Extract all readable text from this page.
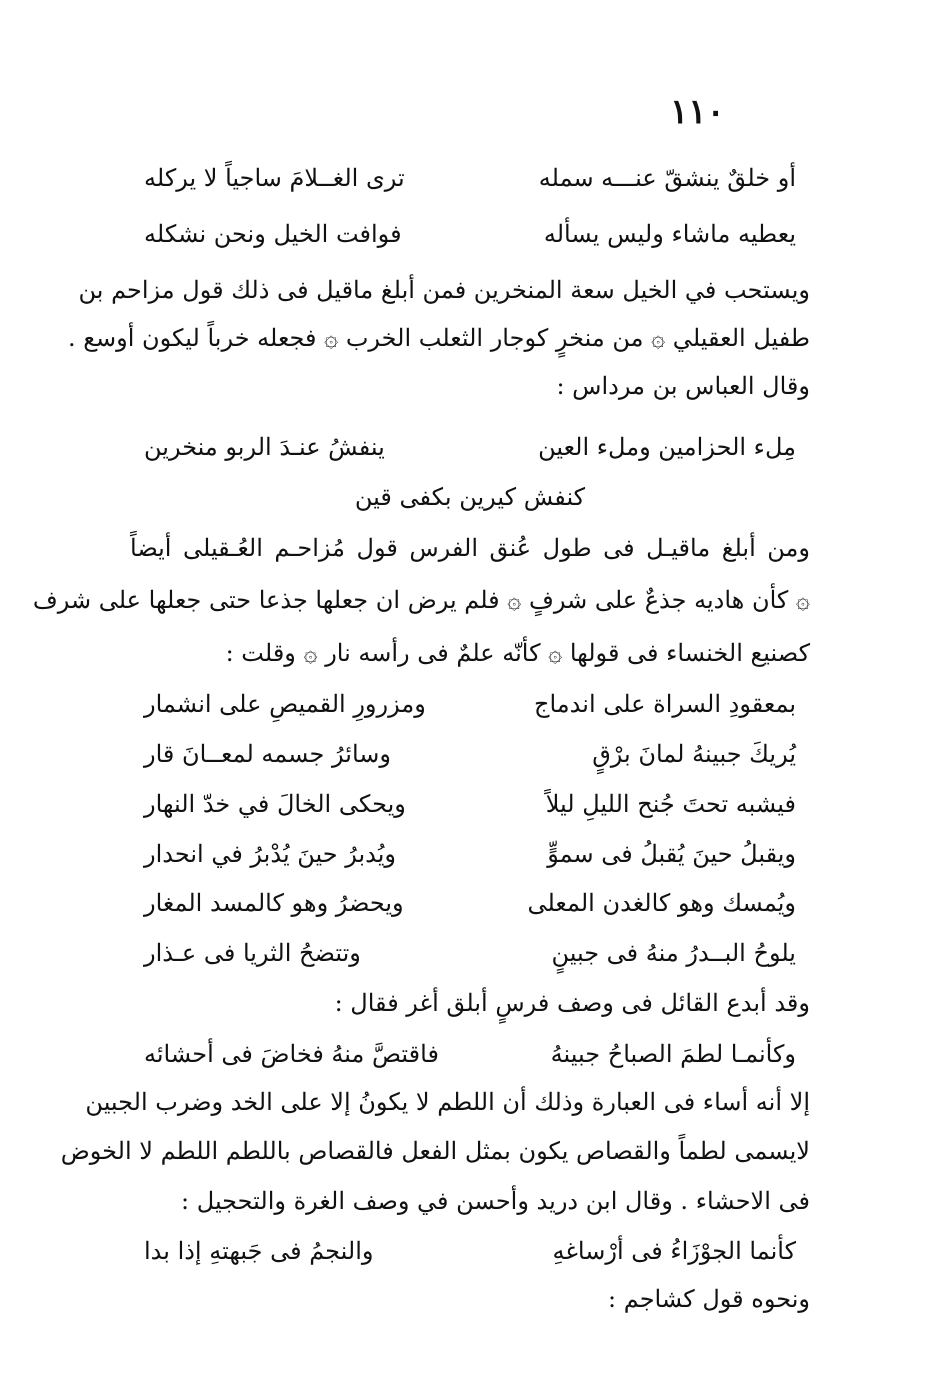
١١٠
أو خلقٌ ينشقّ عنـــه سمله
ترى الغــلامَ ساجياً لا يركله
يعطيه ماشاء وليس يسأله
فوافت الخيل ونحن نشكله
ويستحب في الخيل سعة المنخرين فمن أبلغ ماقيل فى ذلك قول مزاحم بن
طفيل العقيلي ۞ من منخرٍ كوجار الثعلب الخرب ۞ فجعله خرباً ليكون أوسع .
وقال العباس بن مرداس :
مِلء الحزامين وملء العين
ينفشُ عنـدَ الربو منخرين
كنفش كيرين بكفى قين
ومن أبلغ ماقيـل فى طول عُنق الفرس قول مُزاحـم العُـقيلى أيضاً
۞ كأن هاديه جذعٌ على شرفٍ ۞ فلم يرض ان جعلها جذعا حتى جعلها على شرف
كصنيع الخنساء فى قولها ۞ كأنّه علمٌ فى رأسه نار ۞ وقلت :
بمعقودِ السراة على اندماج
ومزرورِ القميصِ على انشمار
يُريكَ جبينهُ لمانَ برْقٍ
وسائرُ جسمه لمعــانَ قار
فيشبه تحتَ جُنح الليلِ ليلاً
ويحكى الخالَ في خدّ النهار
ويقبلُ حينَ يُقبلُ فى سموٍّ
ويُدبرُ حينَ يُدْبرُ في انحدار
ويُمسك وهو كالغدن المعلى
ويحضرُ وهو كالمسد المغار
يلوحُ البــدرُ منهُ فى جبينٍ
وتتضحُ الثريا فى عـذار
وقد أبدع القائل فى وصف فرسٍ أبلق أغر فقال :
وكأنمـا لطمَ الصباحُ جبينهُ
فاقتصَّ منهُ فخاضَ فى أحشائه
إلا أنه أساء فى العبارة وذلك أن اللطم لا يكونُ إلا على الخد وضرب الجبين
لايسمى لطماً والقصاص يكون بمثل الفعل فالقصاص باللطم اللطم لا الخوض
فى الاحشاء . وقال ابن دريد وأحسن في وصف الغرة والتحجيل :
كأنما الجوْزَاءُ فى أرْساغهِ
والنجمُ فى جَبهتهِ إذا بدا
ونحوه قول كشاجم :
